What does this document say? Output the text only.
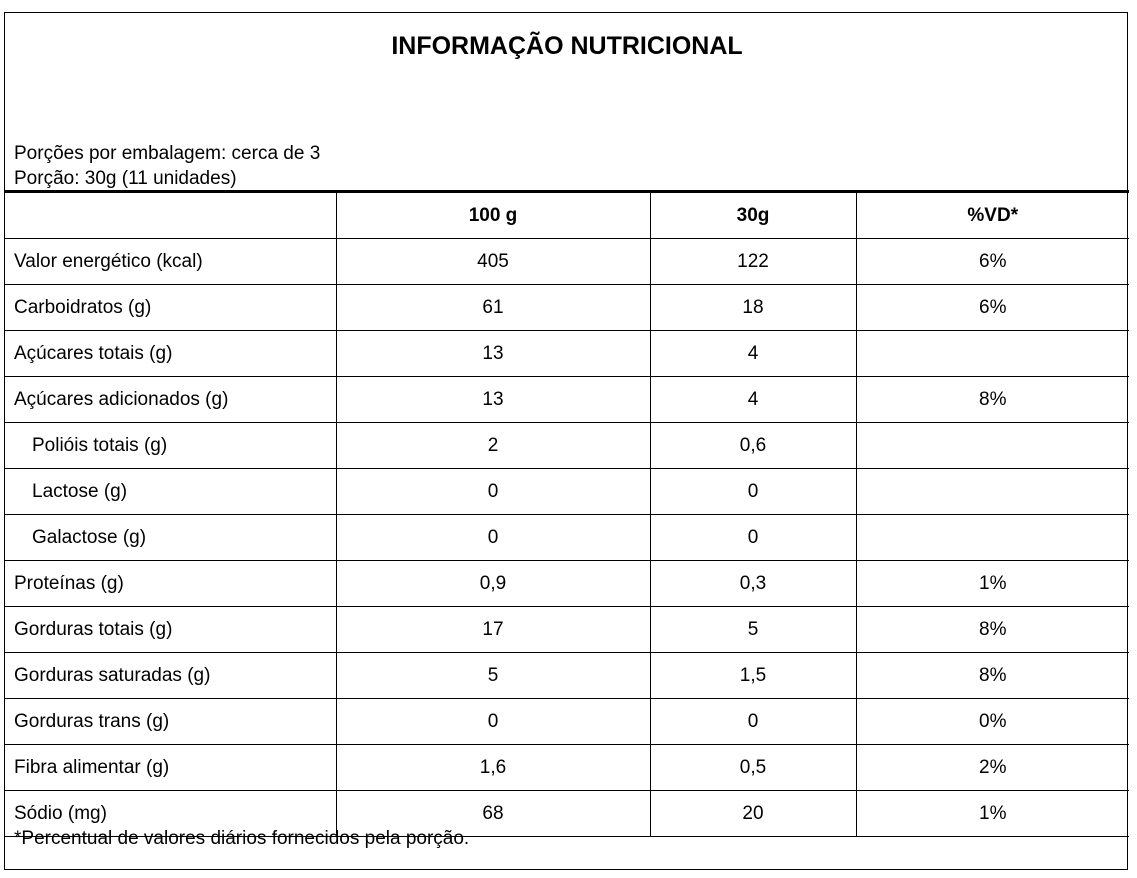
INFORMAÇÃO NUTRICIONAL
Porções por embalagem: cerca de 3
Porção: 30g (11 unidades)
	100 g	30g	%VD*
Valor energético (kcal)	405	122	6%
Carboidratos (g)	61	18	6%
Açúcares totais (g)	13	4	
Açúcares adicionados (g)	13	4	8%
Polióis totais (g)	2	0,6	
Lactose (g)	0	0	
Galactose (g)	0	0	
Proteínas (g)	0,9	0,3	1%
Gorduras totais (g)	17	5	8%
Gorduras saturadas (g)	5	1,5	8%
Gorduras trans (g)	0	0	0%
Fibra alimentar (g)	1,6	0,5	2%
Sódio (mg)	68	20	1%
*Percentual de valores diários fornecidos pela porção.
